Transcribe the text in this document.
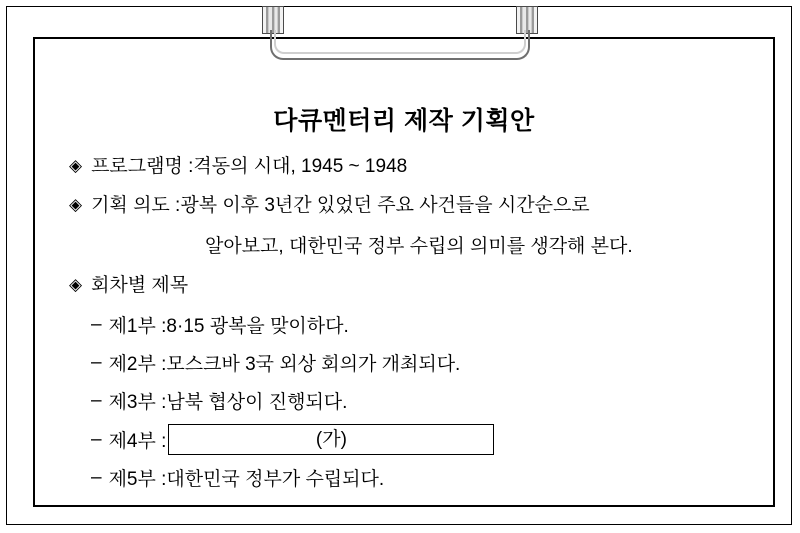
다큐멘터리 제작 기획안
◈ 프로그램명 : 격동의 시대, 1945 ~ 1948
◈ 기획 의도 : 광복 이후 3년간 있었던 주요 사건들을 시간순으로
알아보고, 대한민국 정부 수립의 의미를 생각해 본다.
◈ 회차별 제목
– 제1부 : 8·15 광복을 맞이하다.
– 제2부 : 모스크바 3국 외상 회의가 개최되다.
– 제3부 : 남북 협상이 진행되다.
– 제4부 :	(가)
– 제5부 : 대한민국 정부가 수립되다.
